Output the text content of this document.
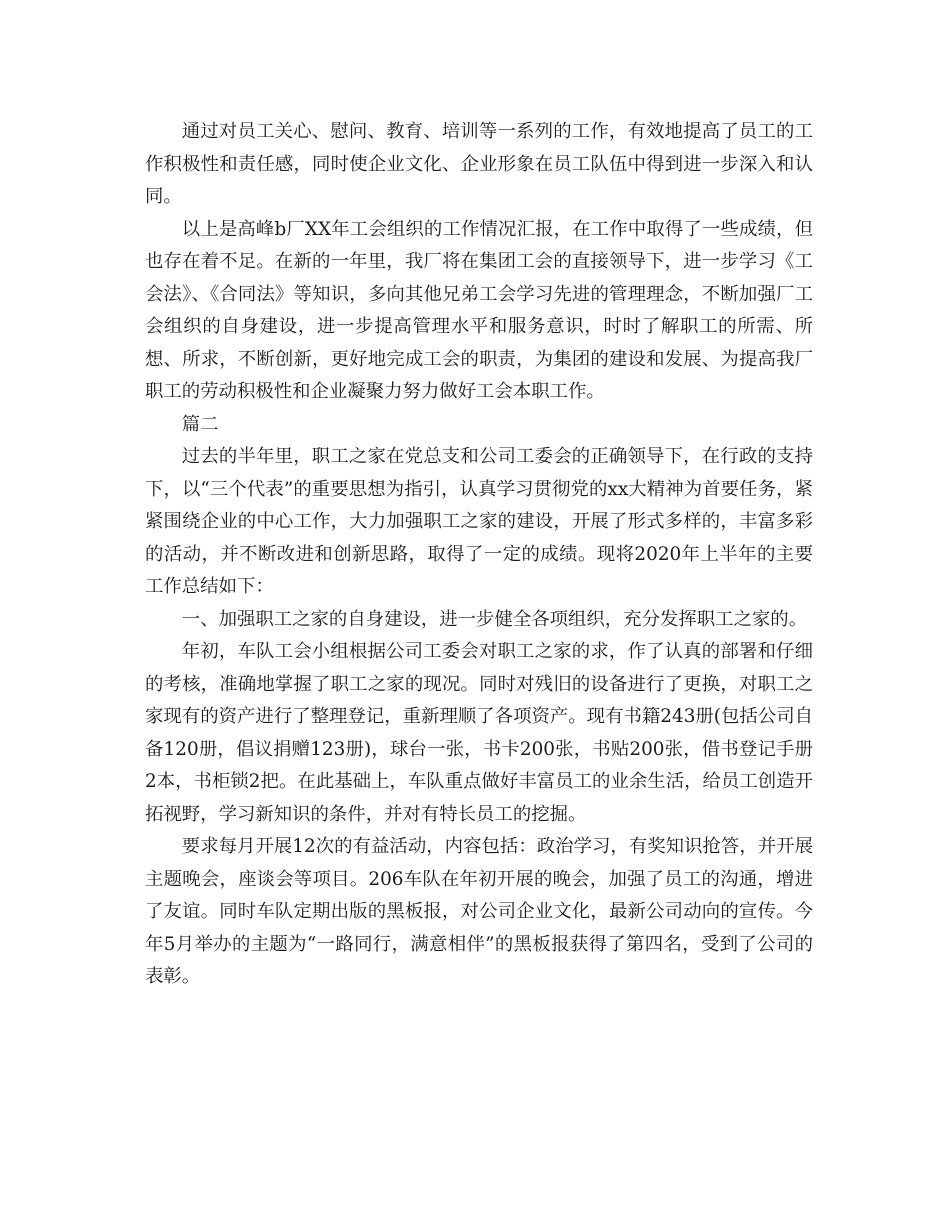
通过对员工关心、慰问、教育、培训等一系列的工作，有效地提高了员工的工作积极性和责任感，同时使企业文化、企业形象在员工队伍中得到进一步深入和认同。

以上是高峰b厂XX年工会组织的工作情况汇报，在工作中取得了一些成绩，但也存在着不足。在新的一年里，我厂将在集团工会的直接领导下，进一步学习《工会法》、《合同法》等知识，多向其他兄弟工会学习先进的管理理念，不断加强厂工会组织的自身建设，进一步提高管理水平和服务意识，时时了解职工的所需、所想、所求，不断创新，更好地完成工会的职责，为集团的建设和发展、为提高我厂职工的劳动积极性和企业凝聚力努力做好工会本职工作。

篇二

过去的半年里，职工之家在党总支和公司工委会的正确领导下，在行政的支持下，以“三个代表”的重要思想为指引，认真学习贯彻党的xx大精神为首要任务，紧紧围绕企业的中心工作，大力加强职工之家的建设，开展了形式多样的，丰富多彩的活动，并不断改进和创新思路，取得了一定的成绩。现将2020年上半年的主要工作总结如下：

一、加强职工之家的自身建设，进一步健全各项组织，充分发挥职工之家的。

年初，车队工会小组根据公司工委会对职工之家的求，作了认真的部署和仔细的考核，准确地掌握了职工之家的现况。同时对残旧的设备进行了更换，对职工之家现有的资产进行了整理登记，重新理顺了各项资产。现有书籍243册(包括公司自备120册，倡议捐赠123册)，球台一张，书卡200张，书贴200张，借书登记手册2本，书柜锁2把。在此基础上，车队重点做好丰富员工的业余生活，给员工创造开拓视野，学习新知识的条件，并对有特长员工的挖掘。

要求每月开展12次的有益活动，内容包括：政治学习，有奖知识抢答，并开展主题晚会，座谈会等项目。206车队在年初开展的晚会，加强了员工的沟通，增进了友谊。同时车队定期出版的黑板报，对公司企业文化，最新公司动向的宣传。今年5月举办的主题为“一路同行，满意相伴”的黑板报获得了第四名，受到了公司的表彰。
